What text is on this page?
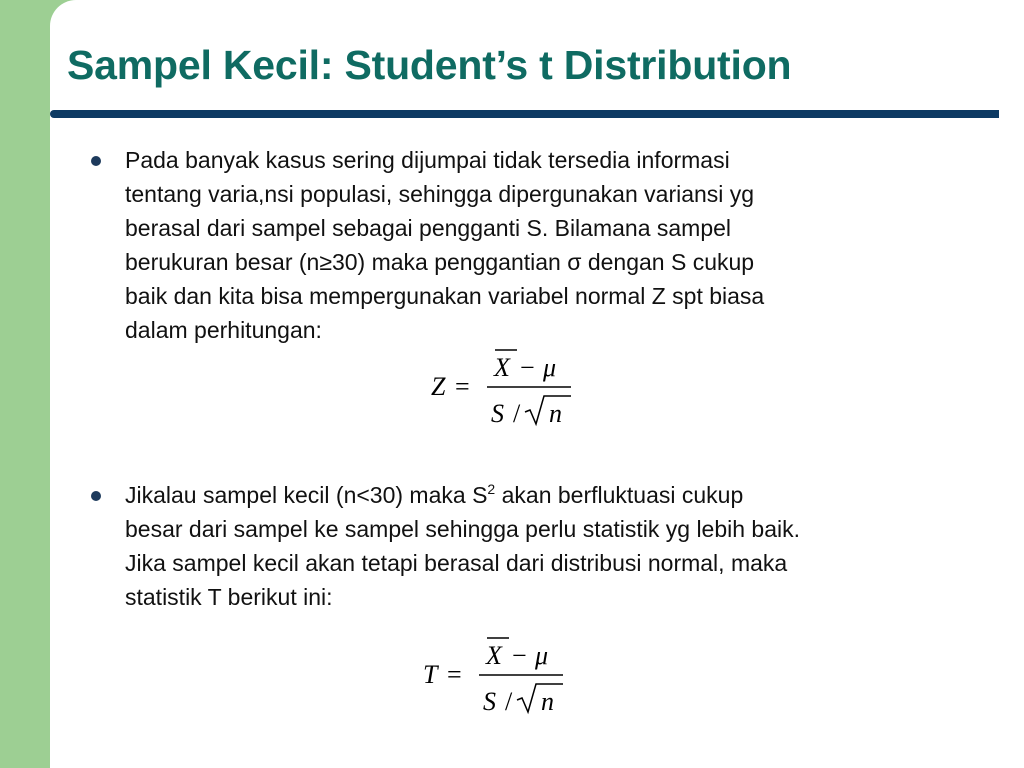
Sampel Kecil: Student’s t Distribution

Pada banyak kasus sering dijumpai tidak tersedia informasi
tentang varia,nsi populasi, sehingga dipergunakan variansi yg
berasal dari sampel sebagai pengganti S. Bilamana sampel
berukuran besar (n≥30) maka penggantian σ dengan S cukup
baik dan kita bisa mempergunakan variabel normal Z spt biasa
dalam perhitungan:

Z =
X − μ
S / n

Jikalau sampel kecil (n<30) maka $S^2$ akan berfluktuasi cukup
besar dari sampel ke sampel sehingga perlu statistik yg lebih baik.
Jika sampel kecil akan tetapi berasal dari distribusi normal, maka
statistik T berikut ini:

T =
X − μ
S / n
